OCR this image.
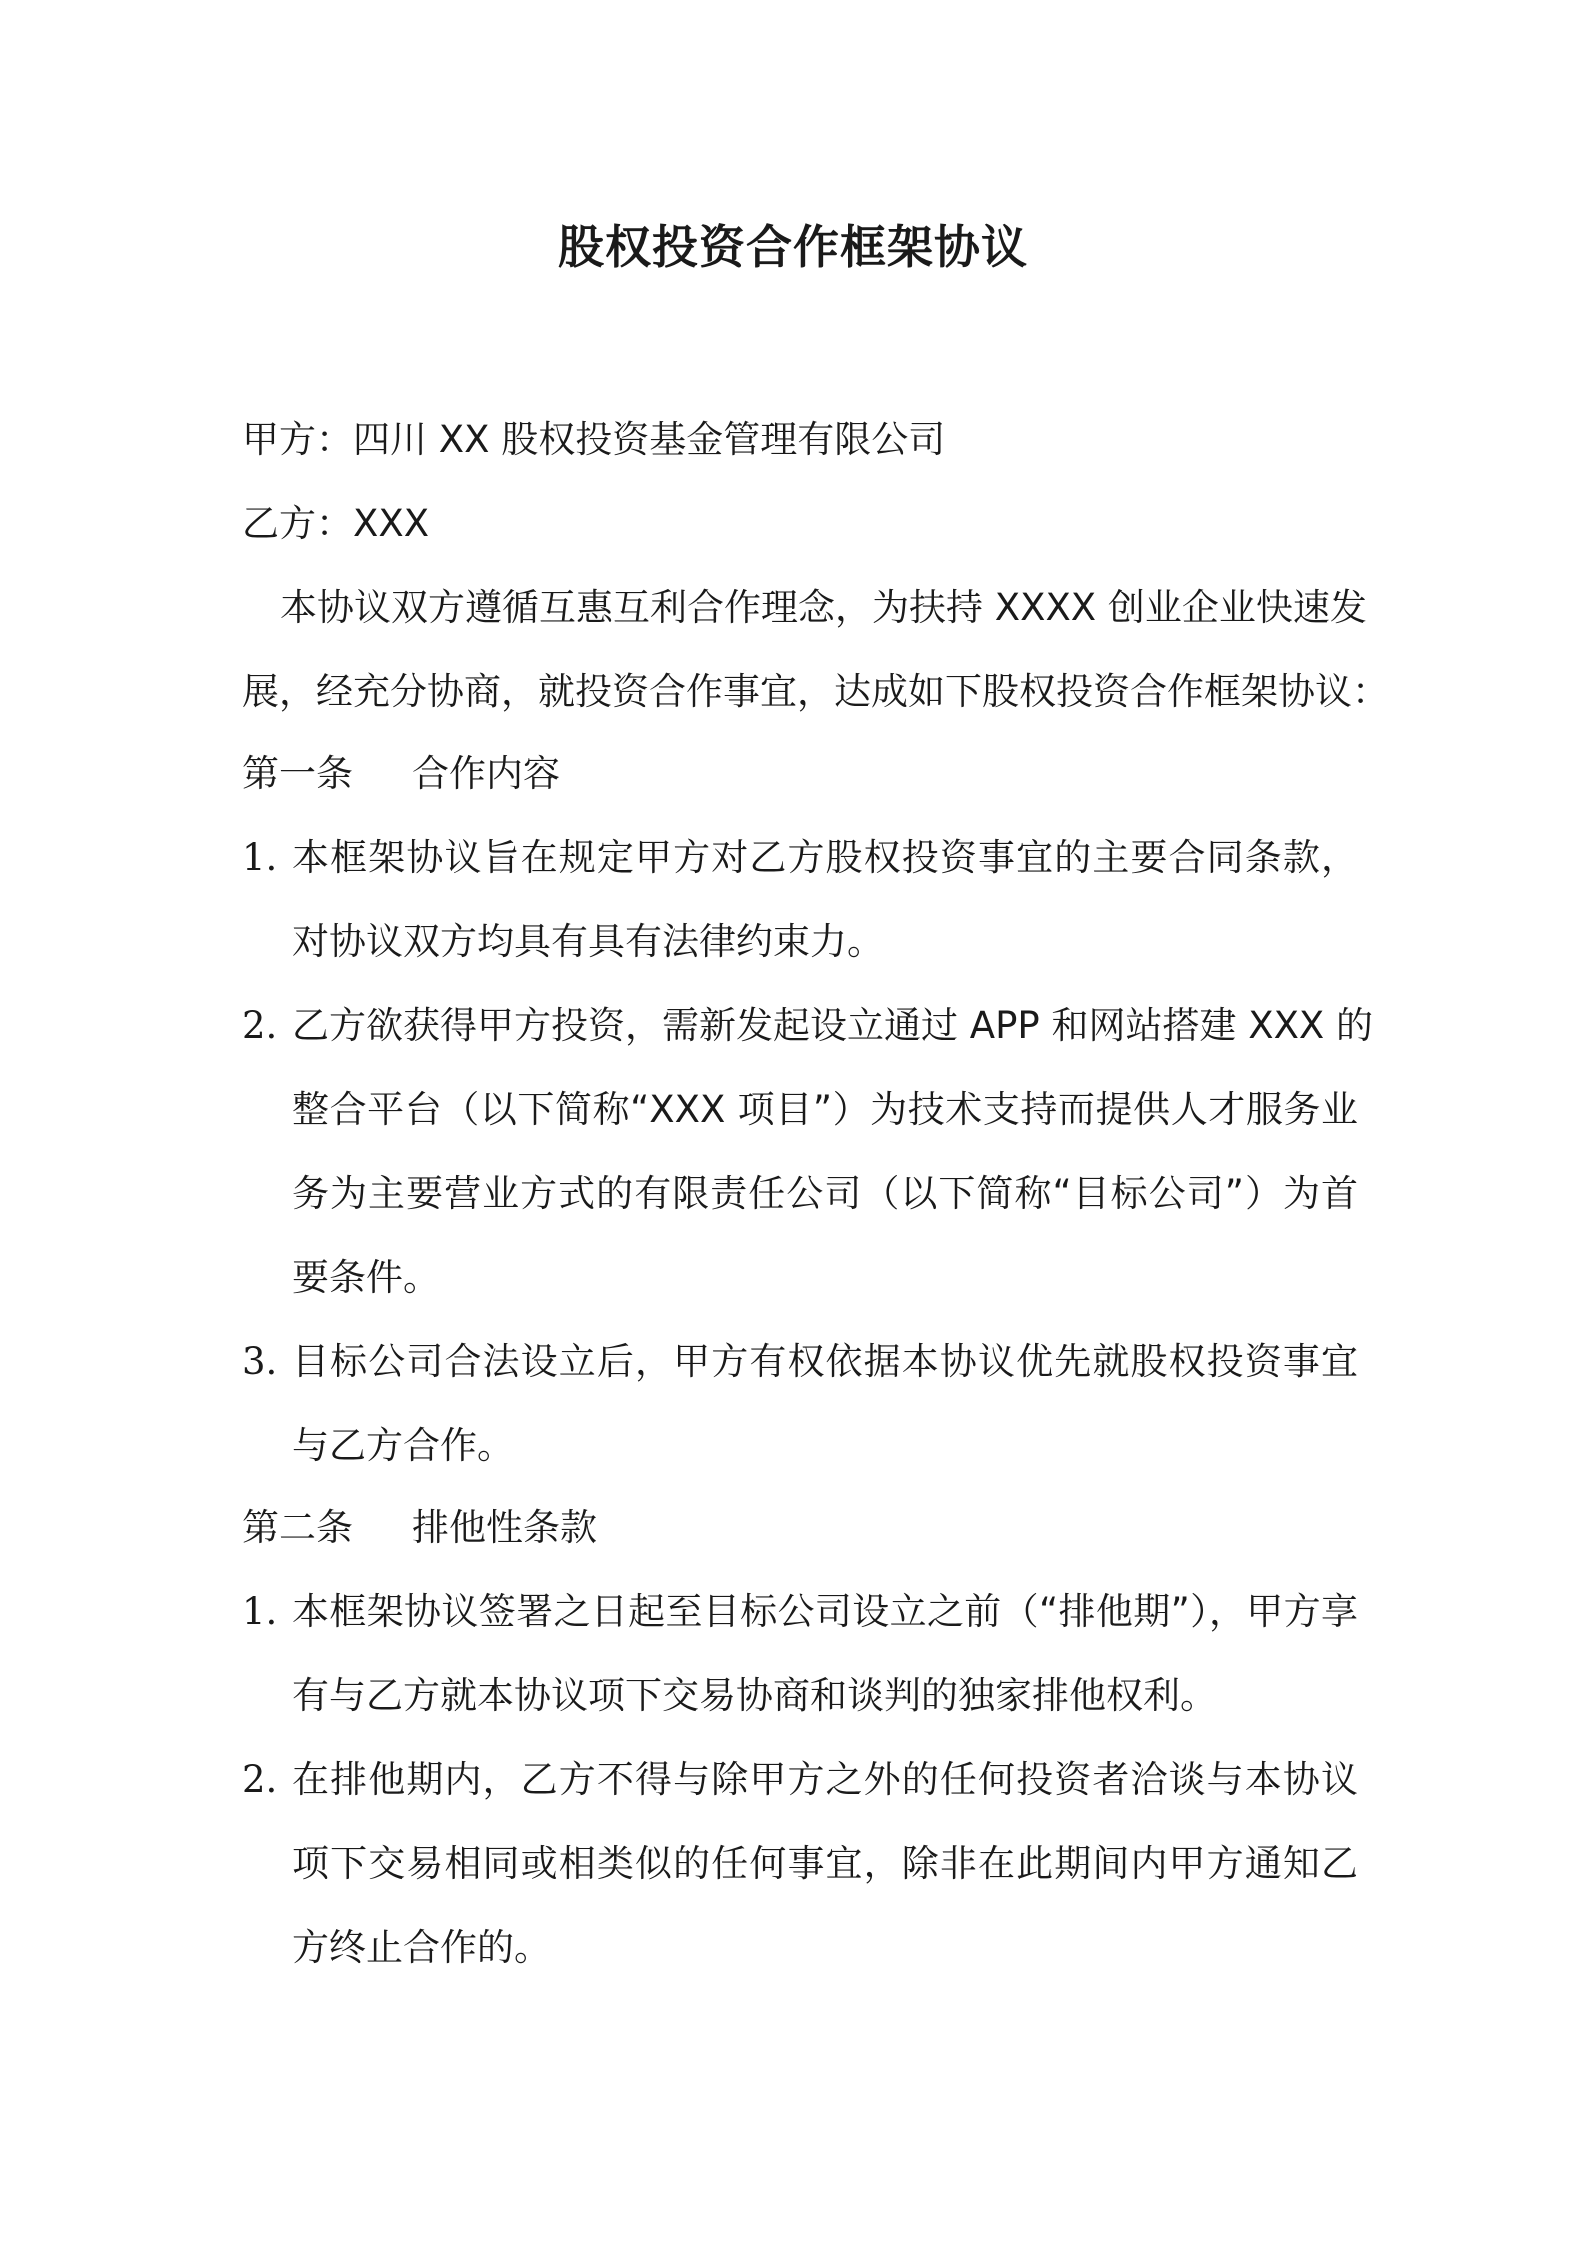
股权投资合作框架协议
甲方：四川 XX 股权投资基金管理有限公司
乙方：XXX
本协议双方遵循互惠互利合作理念，为扶持 XXXX 创业企业快速发
展，经充分协商，就投资合作事宜，达成如下股权投资合作框架协议：
第一条 合作内容
1. 本框架协议旨在规定甲方对乙方股权投资事宜的主要合同条款，
对协议双方均具有具有法律约束力。
2. 乙方欲获得甲方投资，需新发起设立通过 APP 和网站搭建 XXX 的
整合平台（以下简称“XXX 项目”）为技术支持而提供人才服务业
务为主要营业方式的有限责任公司（以下简称“目标公司”）为首
要条件。
3. 目标公司合法设立后，甲方有权依据本协议优先就股权投资事宜
与乙方合作。
第二条 排他性条款
1. 本框架协议签署之日起至目标公司设立之前（“排他期”），甲方享
有与乙方就本协议项下交易协商和谈判的独家排他权利。
2. 在排他期内，乙方不得与除甲方之外的任何投资者洽谈与本协议
项下交易相同或相类似的任何事宜，除非在此期间内甲方通知乙
方终止合作的。
